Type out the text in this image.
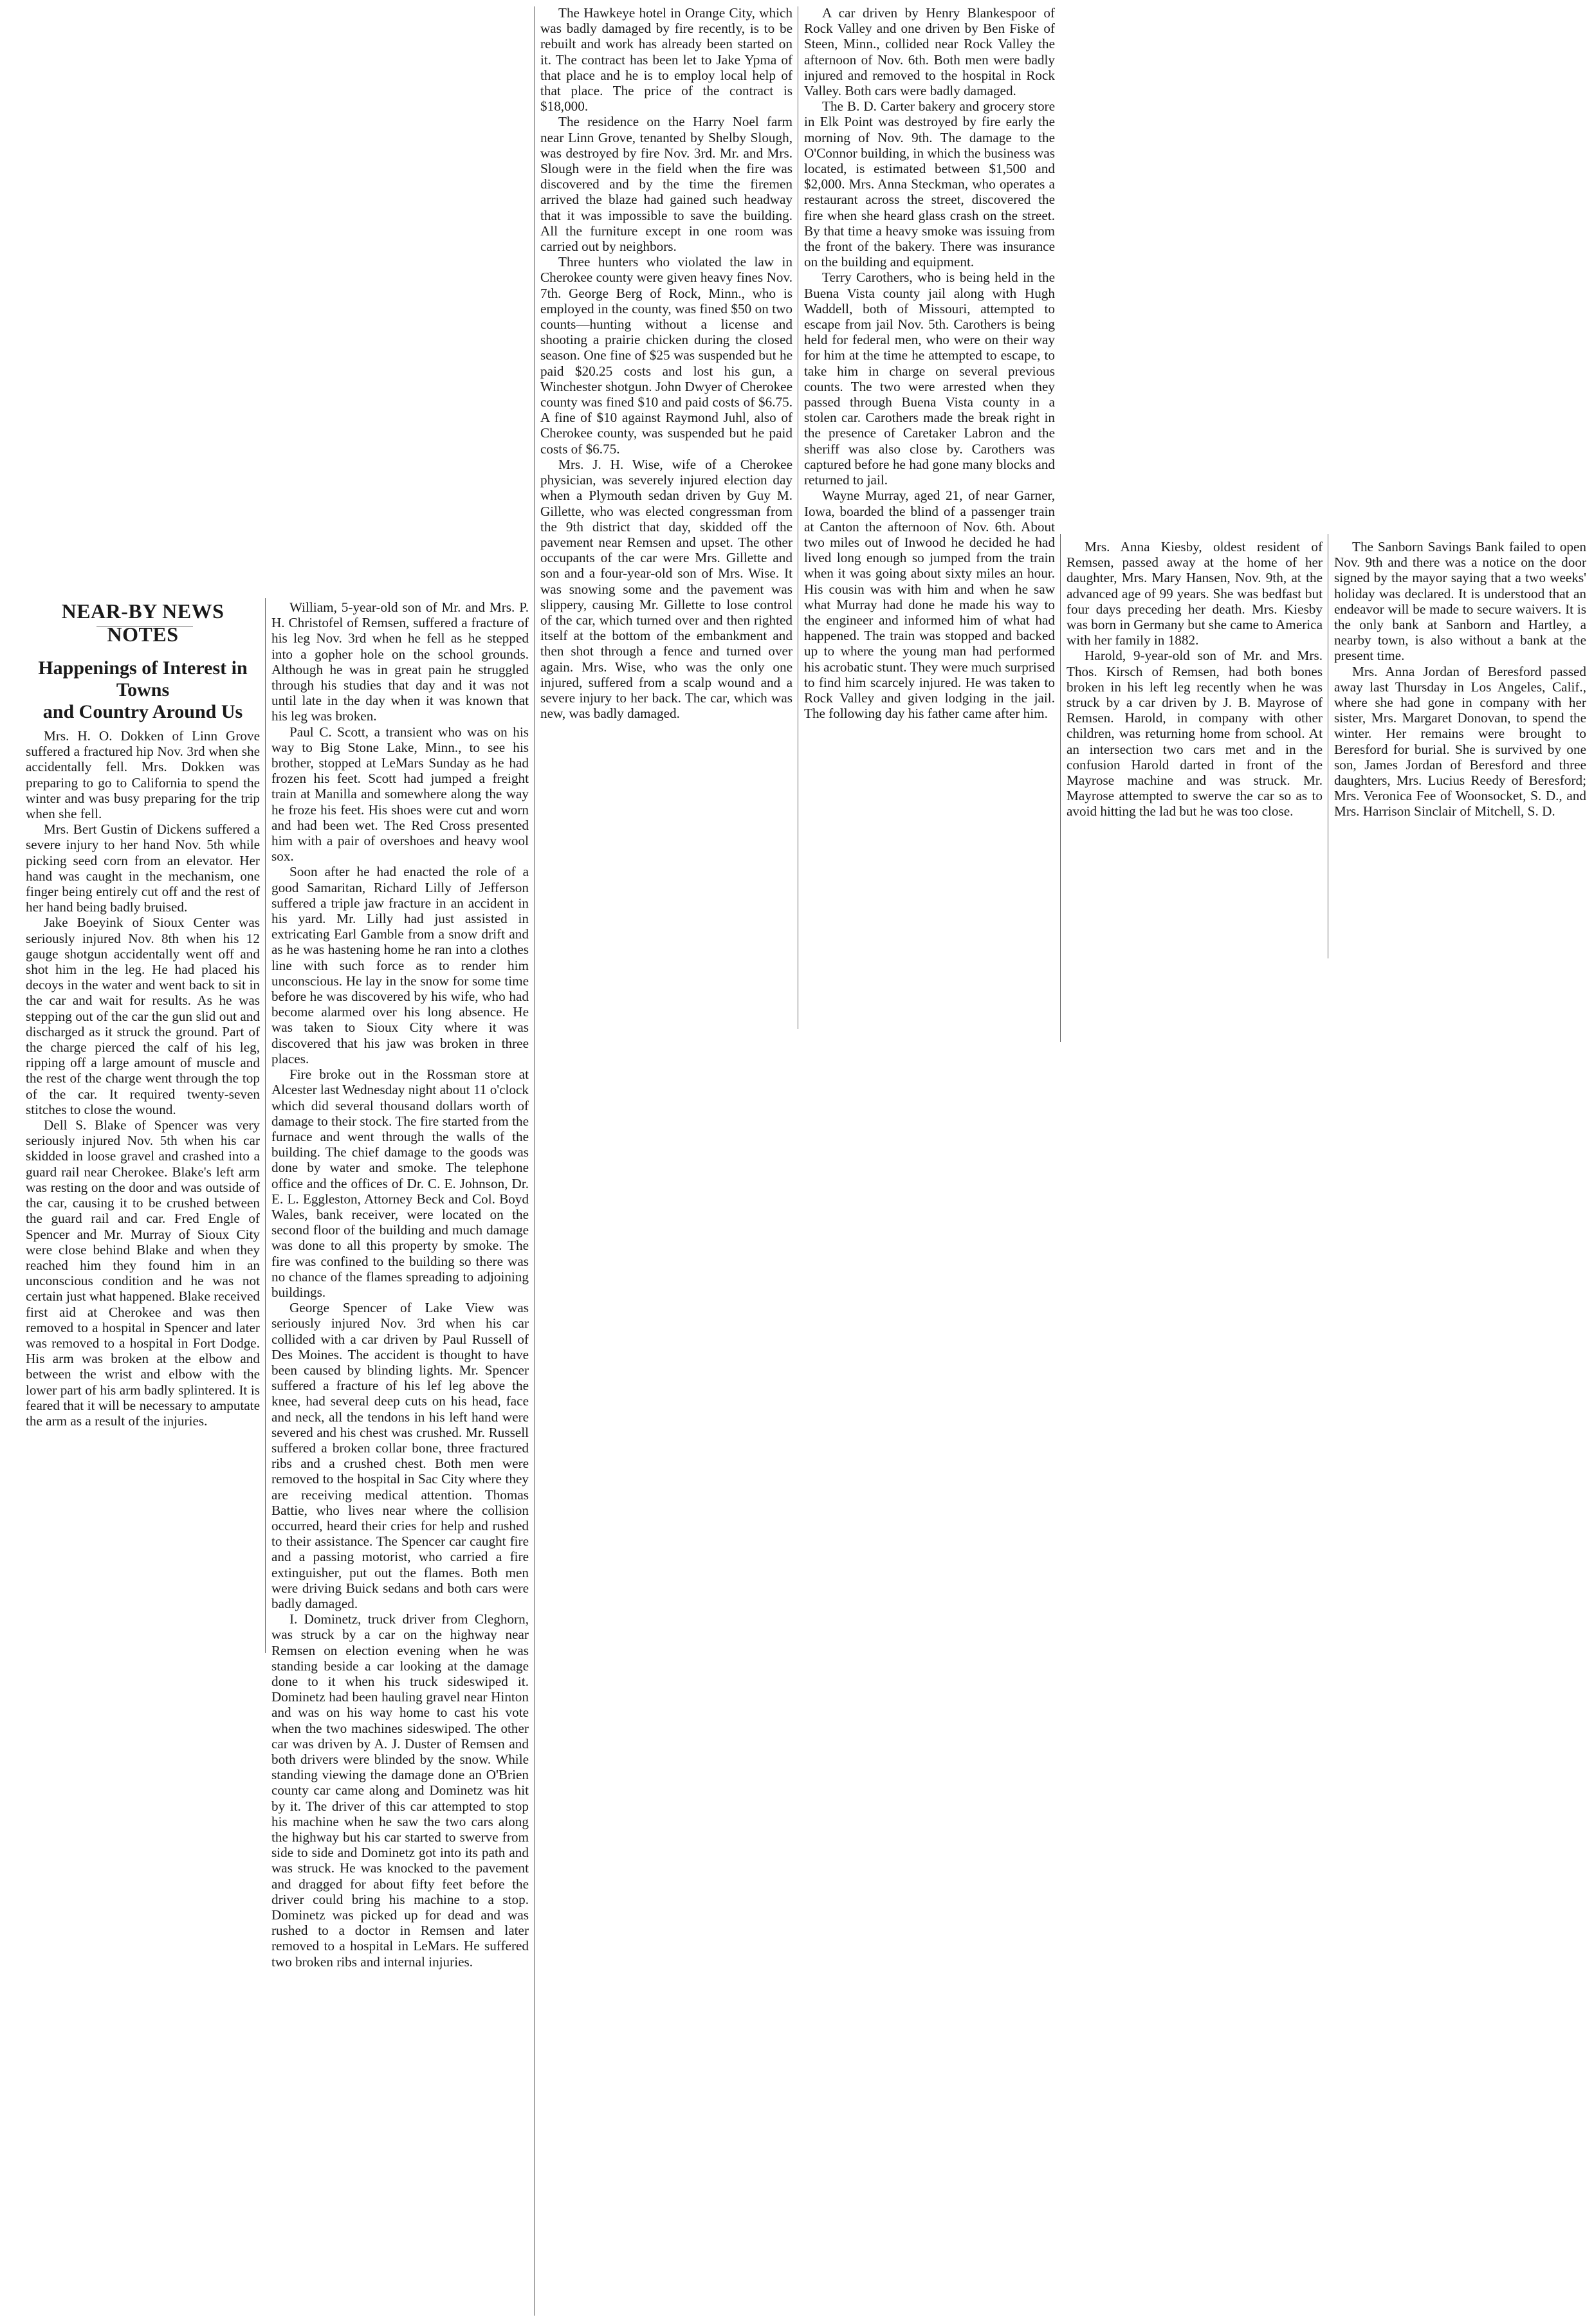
NEAR-BY NEWS NOTES
Happenings of Interest in Towns
and Country Around Us

Mrs. H. O. Dokken of Linn Grove suffered a fractured hip Nov. 3rd when she accidentally fell. Mrs. Dokken was preparing to go to California to spend the winter and was busy preparing for the trip when she fell.

Mrs. Bert Gustin of Dickens suffered a severe injury to her hand Nov. 5th while picking seed corn from an elevator. Her hand was caught in the mechanism, one finger being entirely cut off and the rest of her hand being badly bruised.

Jake Boeyink of Sioux Center was seriously injured Nov. 8th when his 12 gauge shotgun accidentally went off and shot him in the leg. He had placed his decoys in the water and went back to sit in the car and wait for results. As he was stepping out of the car the gun slid out and discharged as it struck the ground. Part of the charge pierced the calf of his leg, ripping off a large amount of muscle and the rest of the charge went through the top of the car. It required twenty-seven stitches to close the wound.

Dell S. Blake of Spencer was very seriously injured Nov. 5th when his car skidded in loose gravel and crashed into a guard rail near Cherokee. Blake's left arm was resting on the door and was outside of the car, causing it to be crushed between the guard rail and car. Fred Engle of Spencer and Mr. Murray of Sioux City were close behind Blake and when they reached him they found him in an unconscious condition and he was not certain just what happened. Blake received first aid at Cherokee and was then removed to a hospital in Spencer and later was removed to a hospital in Fort Dodge. His arm was broken at the elbow and between the wrist and elbow with the lower part of his arm badly splintered. It is feared that it will be necessary to amputate the arm as a result of the injuries.

William, 5-year-old son of Mr. and Mrs. P. H. Christofel of Remsen, suffered a fracture of his leg Nov. 3rd when he fell as he stepped into a gopher hole on the school grounds. Although he was in great pain he struggled through his studies that day and it was not until late in the day when it was known that his leg was broken.

Paul C. Scott, a transient who was on his way to Big Stone Lake, Minn., to see his brother, stopped at LeMars Sunday as he had frozen his feet. Scott had jumped a freight train at Manilla and somewhere along the way he froze his feet. His shoes were cut and worn and had been wet. The Red Cross presented him with a pair of overshoes and heavy wool sox.

Soon after he had enacted the role of a good Samaritan, Richard Lilly of Jefferson suffered a triple jaw fracture in an accident in his yard. Mr. Lilly had just assisted in extricating Earl Gamble from a snow drift and as he was hastening home he ran into a clothes line with such force as to render him unconscious. He lay in the snow for some time before he was discovered by his wife, who had become alarmed over his long absence. He was taken to Sioux City where it was discovered that his jaw was broken in three places.

Fire broke out in the Rossman store at Alcester last Wednesday night about 11 o'clock which did several thousand dollars worth of damage to their stock. The fire started from the furnace and went through the walls of the building. The chief damage to the goods was done by water and smoke. The telephone office and the offices of Dr. C. E. Johnson, Dr. E. L. Eggleston, Attorney Beck and Col. Boyd Wales, bank receiver, were located on the second floor of the building and much damage was done to all this property by smoke. The fire was confined to the building so there was no chance of the flames spreading to adjoining buildings.

George Spencer of Lake View was seriously injured Nov. 3rd when his car collided with a car driven by Paul Russell of Des Moines. The accident is thought to have been caused by blinding lights. Mr. Spencer suffered a fracture of his lef leg above the knee, had several deep cuts on his head, face and neck, all the tendons in his left hand were severed and his chest was crushed. Mr. Russell suffered a broken collar bone, three fractured ribs and a crushed chest. Both men were removed to the hospital in Sac City where they are receiving medical attention. Thomas Battie, who lives near where the collision occurred, heard their cries for help and rushed to their assistance. The Spencer car caught fire and a passing motorist, who carried a fire extinguisher, put out the flames. Both men were driving Buick sedans and both cars were badly damaged.

I. Dominetz, truck driver from Cleghorn, was struck by a car on the highway near Remsen on election evening when he was standing beside a car looking at the damage done to it when his truck sideswiped it. Dominetz had been hauling gravel near Hinton and was on his way home to cast his vote when the two machines sideswiped. The other car was driven by A. J. Duster of Remsen and both drivers were blinded by the snow. While standing viewing the damage done an O'Brien county car came along and Dominetz was hit by it. The driver of this car attempted to stop his machine when he saw the two cars along the highway but his car started to swerve from side to side and Dominetz got into its path and was struck. He was knocked to the pavement and dragged for about fifty feet before the driver could bring his machine to a stop. Dominetz was picked up for dead and was rushed to a doctor in Remsen and later removed to a hospital in LeMars. He suffered two broken ribs and internal injuries.

The Hawkeye hotel in Orange City, which was badly damaged by fire recently, is to be rebuilt and work has already been started on it. The contract has been let to Jake Ypma of that place and he is to employ local help of that place. The price of the contract is $18,000.

The residence on the Harry Noel farm near Linn Grove, tenanted by Shelby Slough, was destroyed by fire Nov. 3rd. Mr. and Mrs. Slough were in the field when the fire was discovered and by the time the firemen arrived the blaze had gained such headway that it was impossible to save the building. All the furniture except in one room was carried out by neighbors.

Three hunters who violated the law in Cherokee county were given heavy fines Nov. 7th. George Berg of Rock, Minn., who is employed in the county, was fined $50 on two counts—hunting without a license and shooting a prairie chicken during the closed season. One fine of $25 was suspended but he paid $20.25 costs and lost his gun, a Winchester shotgun. John Dwyer of Cherokee county was fined $10 and paid costs of $6.75. A fine of $10 against Raymond Juhl, also of Cherokee county, was suspended but he paid costs of $6.75.

Mrs. J. H. Wise, wife of a Cherokee physician, was severely injured election day when a Plymouth sedan driven by Guy M. Gillette, who was elected congressman from the 9th district that day, skidded off the pavement near Remsen and upset. The other occupants of the car were Mrs. Gillette and son and a four-year-old son of Mrs. Wise. It was snowing some and the pavement was slippery, causing Mr. Gillette to lose control of the car, which turned over and then righted itself at the bottom of the embankment and then shot through a fence and turned over again. Mrs. Wise, who was the only one injured, suffered from a scalp wound and a severe injury to her back. The car, which was new, was badly damaged.

A car driven by Henry Blankespoor of Rock Valley and one driven by Ben Fiske of Steen, Minn., collided near Rock Valley the afternoon of Nov. 6th. Both men were badly injured and removed to the hospital in Rock Valley. Both cars were badly damaged.

The B. D. Carter bakery and grocery store in Elk Point was destroyed by fire early the morning of Nov. 9th. The damage to the O'Connor building, in which the business was located, is estimated between $1,500 and $2,000. Mrs. Anna Steckman, who operates a restaurant across the street, discovered the fire when she heard glass crash on the street. By that time a heavy smoke was issuing from the front of the bakery. There was insurance on the building and equipment.

Terry Carothers, who is being held in the Buena Vista county jail along with Hugh Waddell, both of Missouri, attempted to escape from jail Nov. 5th. Carothers is being held for federal men, who were on their way for him at the time he attempted to escape, to take him in charge on several previous counts. The two were arrested when they passed through Buena Vista county in a stolen car. Carothers made the break right in the presence of Caretaker Labron and the sheriff was also close by. Carothers was captured before he had gone many blocks and returned to jail.

Wayne Murray, aged 21, of near Garner, Iowa, boarded the blind of a passenger train at Canton the afternoon of Nov. 6th. About two miles out of Inwood he decided he had lived long enough so jumped from the train when it was going about sixty miles an hour. His cousin was with him and when he saw what Murray had done he made his way to the engineer and informed him of what had happened. The train was stopped and backed up to where the young man had performed his acrobatic stunt. They were much surprised to find him scarcely injured. He was taken to Rock Valley and given lodging in the jail. The following day his father came after him.

Mrs. Anna Kiesby, oldest resident of Remsen, passed away at the home of her daughter, Mrs. Mary Hansen, Nov. 9th, at the advanced age of 99 years. She was bedfast but four days preceding her death. Mrs. Kiesby was born in Germany but she came to America with her family in 1882.

Harold, 9-year-old son of Mr. and Mrs. Thos. Kirsch of Remsen, had both bones broken in his left leg recently when he was struck by a car driven by J. B. Mayrose of Remsen. Harold, in company with other children, was returning home from school. At an intersection two cars met and in the confusion Harold darted in front of the Mayrose machine and was struck. Mr. Mayrose attempted to swerve the car so as to avoid hitting the lad but he was too close.

The Sanborn Savings Bank failed to open Nov. 9th and there was a notice on the door signed by the mayor saying that a two weeks' holiday was declared. It is understood that an endeavor will be made to secure waivers. It is the only bank at Sanborn and Hartley, a nearby town, is also without a bank at the present time.

Mrs. Anna Jordan of Beresford passed away last Thursday in Los Angeles, Calif., where she had gone in company with her sister, Mrs. Margaret Donovan, to spend the winter. Her remains were brought to Beresford for burial. She is survived by one son, James Jordan of Beresford and three daughters, Mrs. Lucius Reedy of Beresford; Mrs. Veronica Fee of Woonsocket, S. D., and Mrs. Harrison Sinclair of Mitchell, S. D.
